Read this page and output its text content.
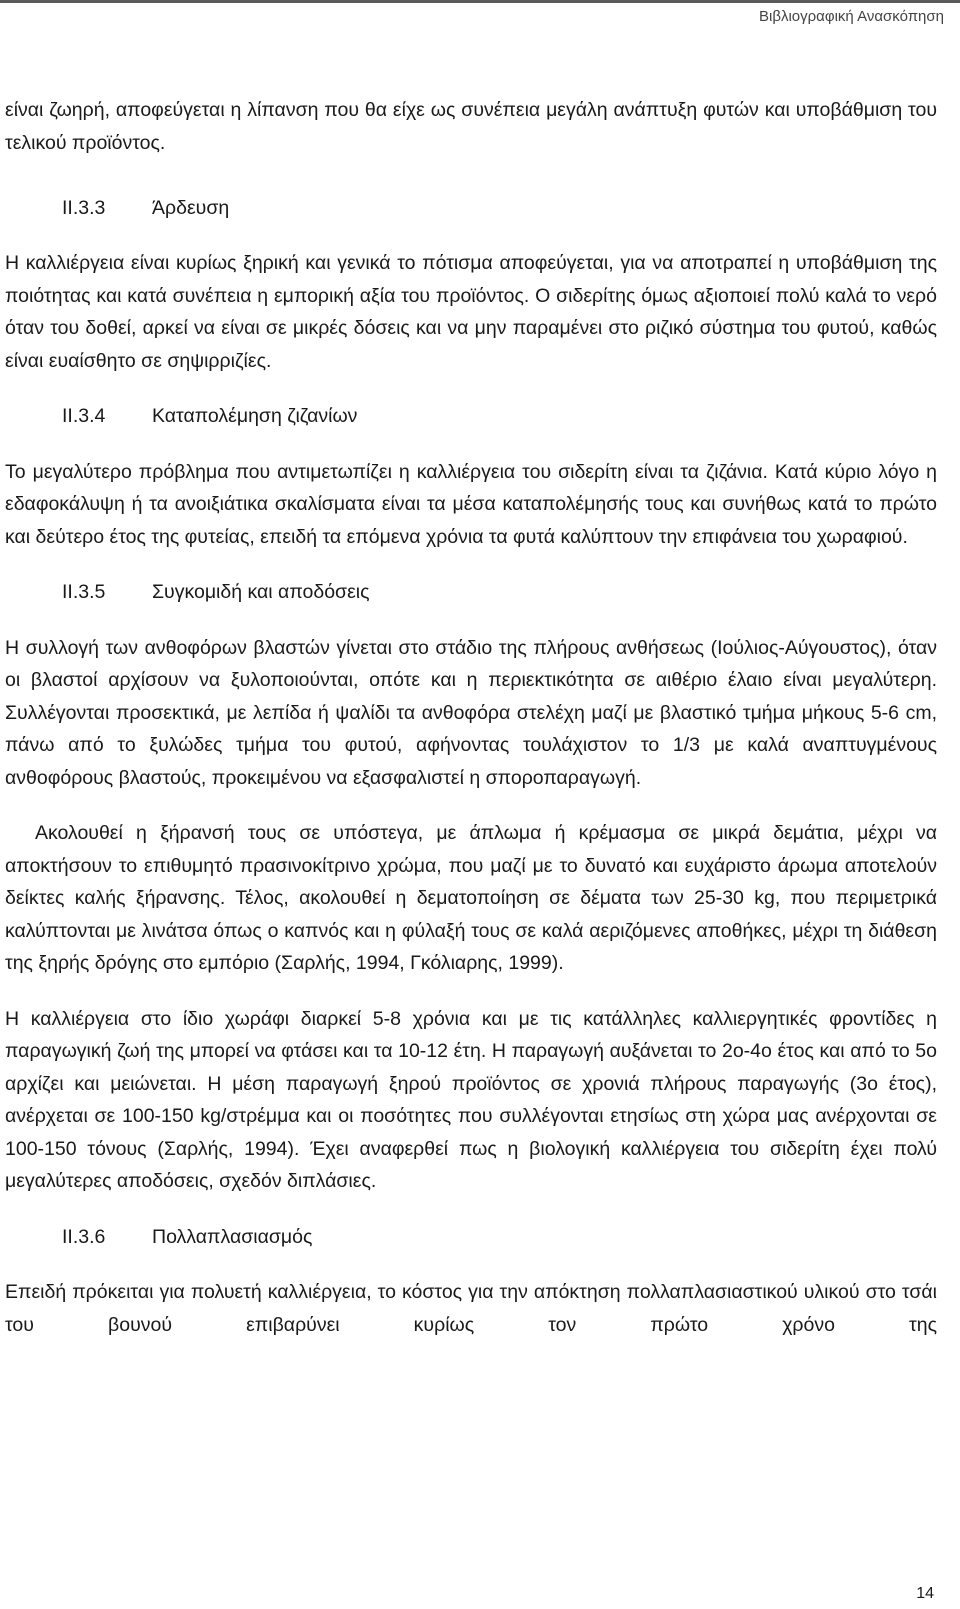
Βιβλιογραφική Ανασκόπηση

είναι ζωηρή, αποφεύγεται η λίπανση που θα είχε ως συνέπεια μεγάλη ανάπτυξη φυτών και υποβάθμιση του τελικού προϊόντος.

ΙΙ.3.3 Άρδευση

Η καλλιέργεια είναι κυρίως ξηρική και γενικά το πότισμα αποφεύγεται, για να αποτραπεί η υποβάθμιση της ποιότητας και κατά συνέπεια η εμπορική αξία του προϊόντος. Ο σιδερίτης όμως αξιοποιεί πολύ καλά το νερό όταν του δοθεί, αρκεί να είναι σε μικρές δόσεις και να μην παραμένει στο ριζικό σύστημα του φυτού, καθώς είναι ευαίσθητο σε σηψιρριζίες.

ΙΙ.3.4 Καταπολέμηση ζιζανίων

Το μεγαλύτερο πρόβλημα που αντιμετωπίζει η καλλιέργεια του σιδερίτη είναι τα ζιζάνια. Κατά κύριο λόγο η εδαφοκάλυψη ή τα ανοιξιάτικα σκαλίσματα είναι τα μέσα καταπολέμησής τους και συνήθως κατά το πρώτο και δεύτερο έτος της φυτείας, επειδή τα επόμενα χρόνια τα φυτά καλύπτουν την επιφάνεια του χωραφιού.

ΙΙ.3.5 Συγκομιδή και αποδόσεις

Η συλλογή των ανθοφόρων βλαστών γίνεται στο στάδιο της πλήρους ανθήσεως (Ιούλιος-Αύγουστος), όταν οι βλαστοί αρχίσουν να ξυλοποιούνται, οπότε και η περιεκτικότητα σε αιθέριο έλαιο είναι μεγαλύτερη. Συλλέγονται προσεκτικά, με λεπίδα ή ψαλίδι τα ανθοφόρα στελέχη μαζί με βλαστικό τμήμα μήκους 5-6 cm, πάνω από το ξυλώδες τμήμα του φυτού, αφήνοντας τουλάχιστον το 1/3 με καλά αναπτυγμένους ανθοφόρους βλαστούς, προκειμένου να εξασφαλιστεί η σποροπαραγωγή.

Ακολουθεί η ξήρανσή τους σε υπόστεγα, με άπλωμα ή κρέμασμα σε μικρά δεμάτια, μέχρι να αποκτήσουν το επιθυμητό πρασινοκίτρινο χρώμα, που μαζί με το δυνατό και ευχάριστο άρωμα αποτελούν δείκτες καλής ξήρανσης. Τέλος, ακολουθεί η δεματοποίηση σε δέματα των 25-30 kg, που περιμετρικά καλύπτονται με λινάτσα όπως ο καπνός και η φύλαξή τους σε καλά αεριζόμενες αποθήκες, μέχρι τη διάθεση της ξηρής δρόγης στο εμπόριο (Σαρλής, 1994, Γκόλιαρης, 1999).

Η καλλιέργεια στο ίδιο χωράφι διαρκεί 5-8 χρόνια και με τις κατάλληλες καλλιεργητικές φροντίδες η παραγωγική ζωή της μπορεί να φτάσει και τα 10-12 έτη. Η παραγωγή αυξάνεται το 2ο-4ο έτος και από το 5ο αρχίζει και μειώνεται. Η μέση παραγωγή ξηρού προϊόντος σε χρονιά πλήρους παραγωγής (3ο έτος), ανέρχεται σε 100-150 kg/στρέμμα και οι ποσότητες που συλλέγονται ετησίως στη χώρα μας ανέρχονται σε 100-150 τόνους (Σαρλής, 1994). Έχει αναφερθεί πως η βιολογική καλλιέργεια του σιδερίτη έχει πολύ μεγαλύτερες αποδόσεις, σχεδόν διπλάσιες.

ΙΙ.3.6 Πολλαπλασιασμός

Επειδή πρόκειται για πολυετή καλλιέργεια, το κόστος για την απόκτηση πολλαπλασιαστικού υλικού στο τσάι του βουνού επιβαρύνει κυρίως τον πρώτο χρόνο της

14
